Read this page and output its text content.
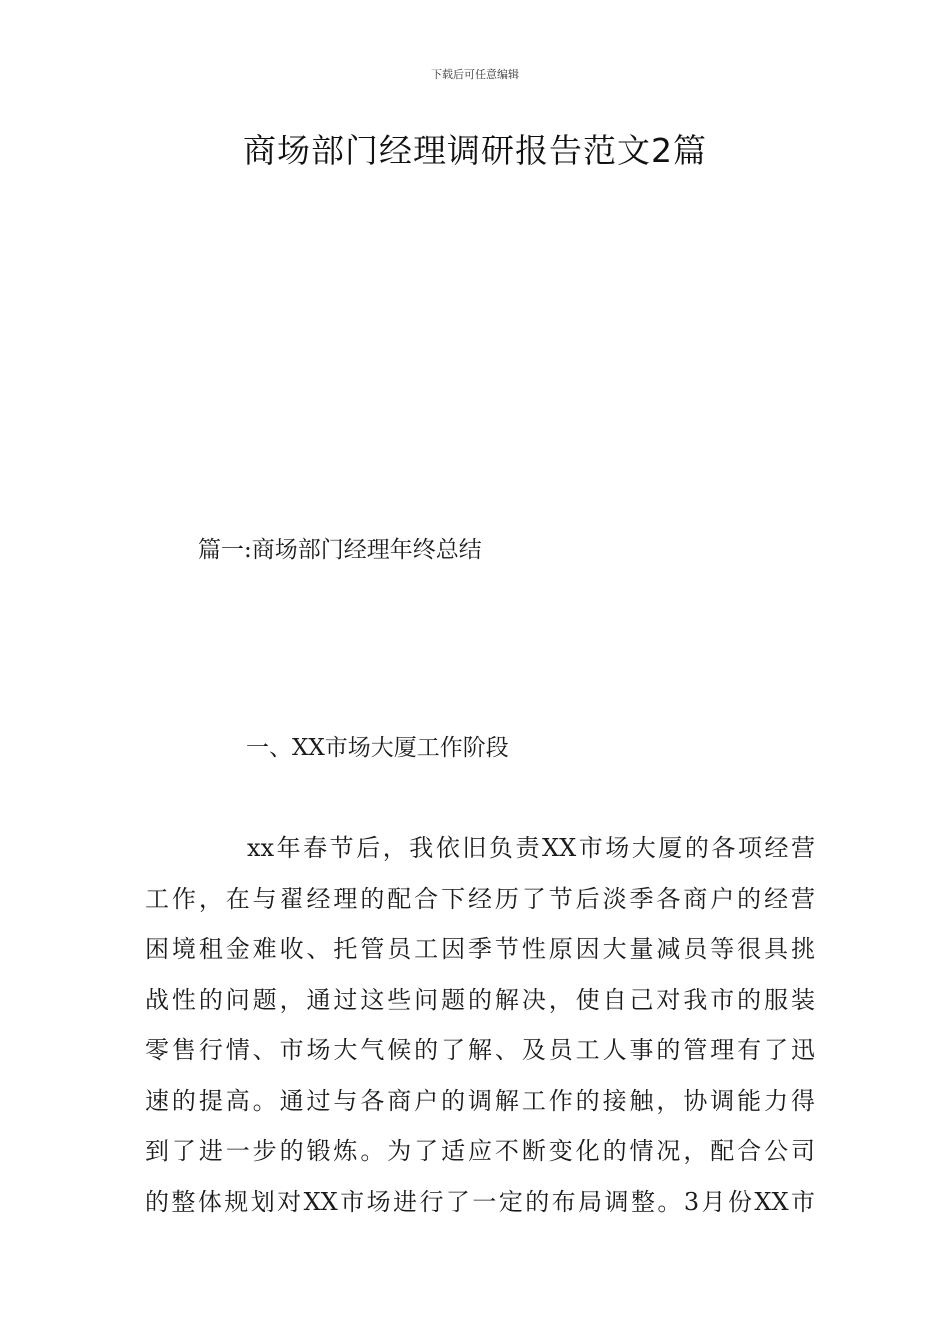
下载后可任意编辑
商场部门经理调研报告范文2篇
篇一:商场部门经理年终总结
一、XX市场大厦工作阶段
xx年春节后，我依旧负责XX市场大厦的各项经营
工作，在与翟经理的配合下经历了节后淡季各商户的经营
困境租金难收、托管员工因季节性原因大量减员等很具挑
战性的问题，通过这些问题的解决，使自己对我市的服装
零售行情、市场大气候的了解、及员工人事的管理有了迅
速的提高。通过与各商户的调解工作的接触，协调能力得
到了进一步的锻炼。为了适应不断变化的情况，配合公司
的整体规划对XX市场进行了一定的布局调整。3月份XX市
